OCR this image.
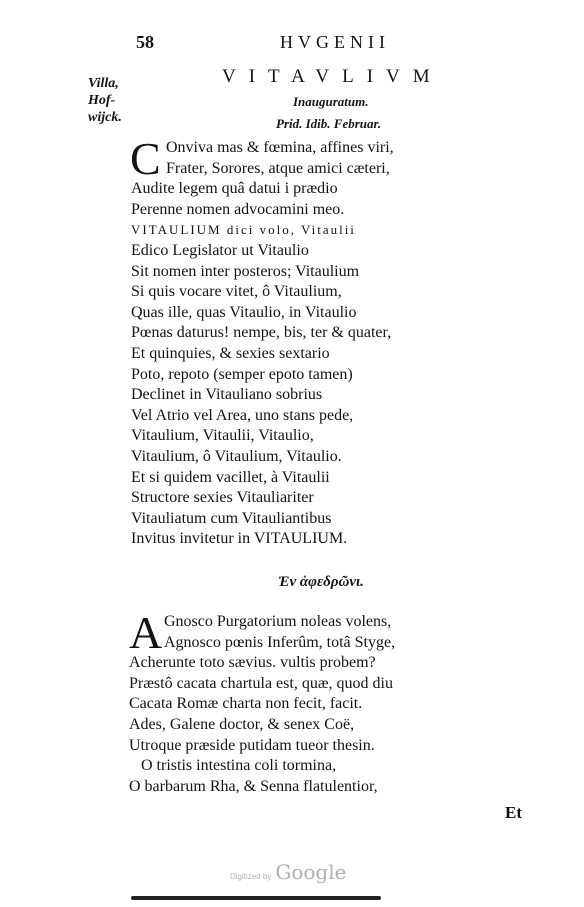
58	HVGENII
Villa,
Hof-
wijck.
VITAVLIVM
Inauguratum.
Prid. Idib. Februar.
C Onviva mas & fœmina, affines viri,
Frater, Sorores, atque amici cæteri,
Audite legem quâ datui i prædio
Perenne nomen advocamini meo.
VITAULIUM dici volo, Vitaulii
Edico Legislator ut Vitaulio
Sit nomen inter posteros; Vitaulium
Si quis vocare vitet, ô Vitaulium,
Quas ille, quas Vitaulio, in Vitaulio
Pœnas daturus! nempe, bis, ter & quater,
Et quinquies, & sexies sextario
Poto, repoto (semper epoto tamen)
Declinet in Vitauliano sobrius
Vel Atrio vel Area, uno stans pede,
Vitaulium, Vitaulii, Vitaulio,
Vitaulium, ô Vitaulium, Vitaulio.
Et si quidem vacillet, à Vitaulii
Structore sexies Vitauliariter
Vitauliatum cum Vitauliantibus
Invitus invitetur in VITAULIUM.
Ἐν ἀφεδρῶνι.
A Gnosco Purgatorium noleas volens,
Agnosco pœnis Inferûm, totâ Styge,
Acherunte toto sævius. vultis probem?
Præstô cacata chartula est, quæ, quod diu
Cacata Romæ charta non fecit, facit.
Ades, Galene doctor, & senex Coë,
Utroque præside putidam tueor thesin.
O tristis intestina coli tormina,
O barbarum Rha, & Senna flatulentior,
Et
Digitized by Google
